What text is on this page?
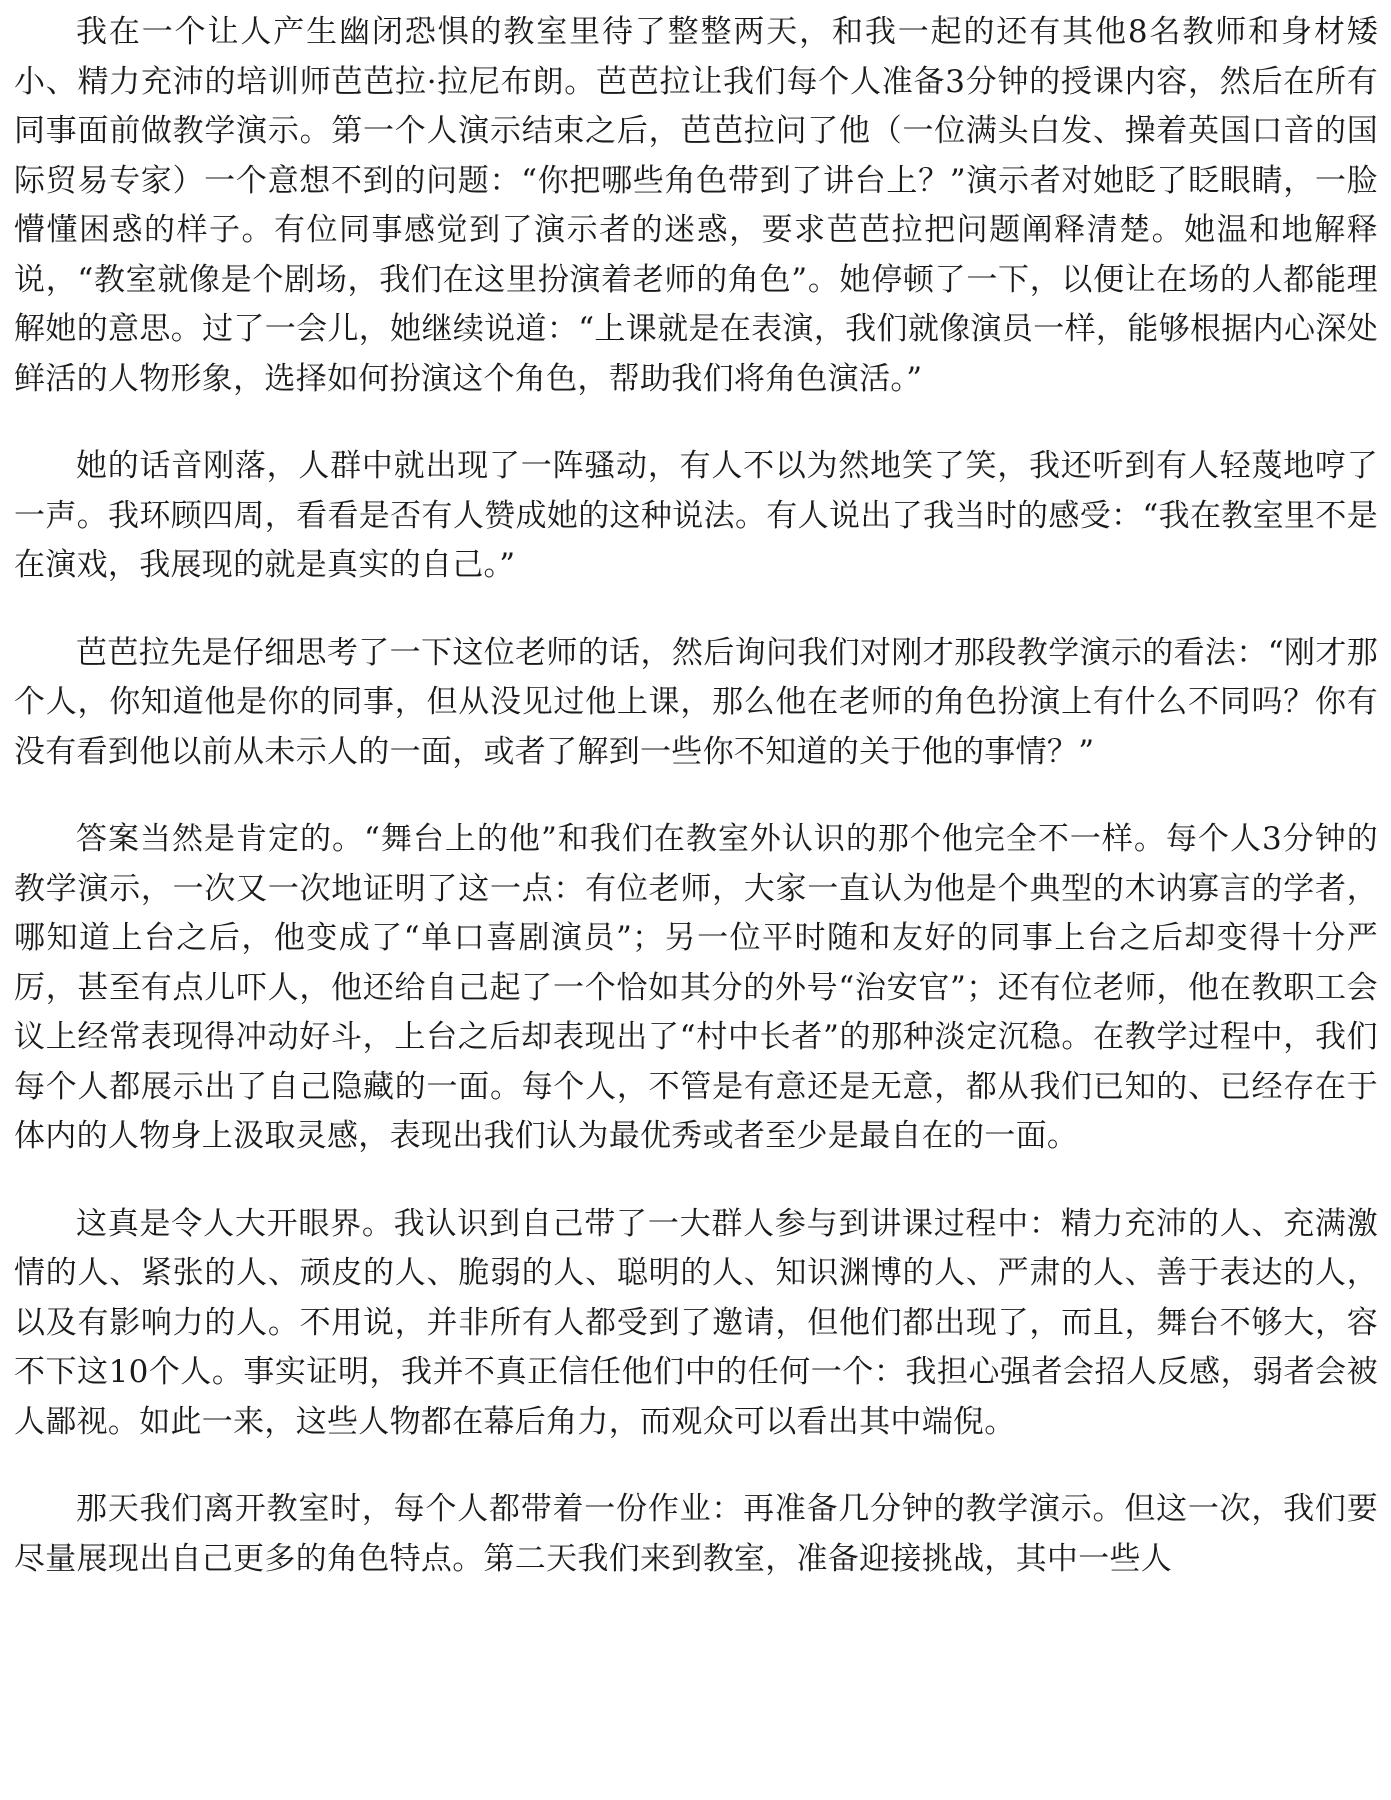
我在一个让人产生幽闭恐惧的教室里待了整整两天，和我一起的还有其他8名教师和身材矮小、精力充沛的培训师芭芭拉·拉尼布朗。芭芭拉让我们每个人准备3分钟的授课内容，然后在所有同事面前做教学演示。第一个人演示结束之后，芭芭拉问了他（一位满头白发、操着英国口音的国际贸易专家）一个意想不到的问题：“你把哪些角色带到了讲台上？”演示者对她眨了眨眼睛，一脸懵懂困惑的样子。有位同事感觉到了演示者的迷惑，要求芭芭拉把问题阐释清楚。她温和地解释说，“教室就像是个剧场，我们在这里扮演着老师的角色”。她停顿了一下，以便让在场的人都能理解她的意思。过了一会儿，她继续说道：“上课就是在表演，我们就像演员一样，能够根据内心深处鲜活的人物形象，选择如何扮演这个角色，帮助我们将角色演活。”

她的话音刚落，人群中就出现了一阵骚动，有人不以为然地笑了笑，我还听到有人轻蔑地哼了一声。我环顾四周，看看是否有人赞成她的这种说法。有人说出了我当时的感受：“我在教室里不是在演戏，我展现的就是真实的自己。”

芭芭拉先是仔细思考了一下这位老师的话，然后询问我们对刚才那段教学演示的看法：“刚才那个人，你知道他是你的同事，但从没见过他上课，那么他在老师的角色扮演上有什么不同吗？你有没有看到他以前从未示人的一面，或者了解到一些你不知道的关于他的事情？”

答案当然是肯定的。“舞台上的他”和我们在教室外认识的那个他完全不一样。每个人3分钟的教学演示，一次又一次地证明了这一点：有位老师，大家一直认为他是个典型的木讷寡言的学者，哪知道上台之后，他变成了“单口喜剧演员”；另一位平时随和友好的同事上台之后却变得十分严厉，甚至有点儿吓人，他还给自己起了一个恰如其分的外号“治安官”；还有位老师，他在教职工会议上经常表现得冲动好斗，上台之后却表现出了“村中长者”的那种淡定沉稳。在教学过程中，我们每个人都展示出了自己隐藏的一面。每个人，不管是有意还是无意，都从我们已知的、已经存在于体内的人物身上汲取灵感，表现出我们认为最优秀或者至少是最自在的一面。

这真是令人大开眼界。我认识到自己带了一大群人参与到讲课过程中：精力充沛的人、充满激情的人、紧张的人、顽皮的人、脆弱的人、聪明的人、知识渊博的人、严肃的人、善于表达的人，以及有影响力的人。不用说，并非所有人都受到了邀请，但他们都出现了，而且，舞台不够大，容不下这10个人。事实证明，我并不真正信任他们中的任何一个：我担心强者会招人反感，弱者会被人鄙视。如此一来，这些人物都在幕后角力，而观众可以看出其中端倪。

那天我们离开教室时，每个人都带着一份作业：再准备几分钟的教学演示。但这一次，我们要尽量展现出自己更多的角色特点。第二天我们来到教室，准备迎接挑战，其中一些人
